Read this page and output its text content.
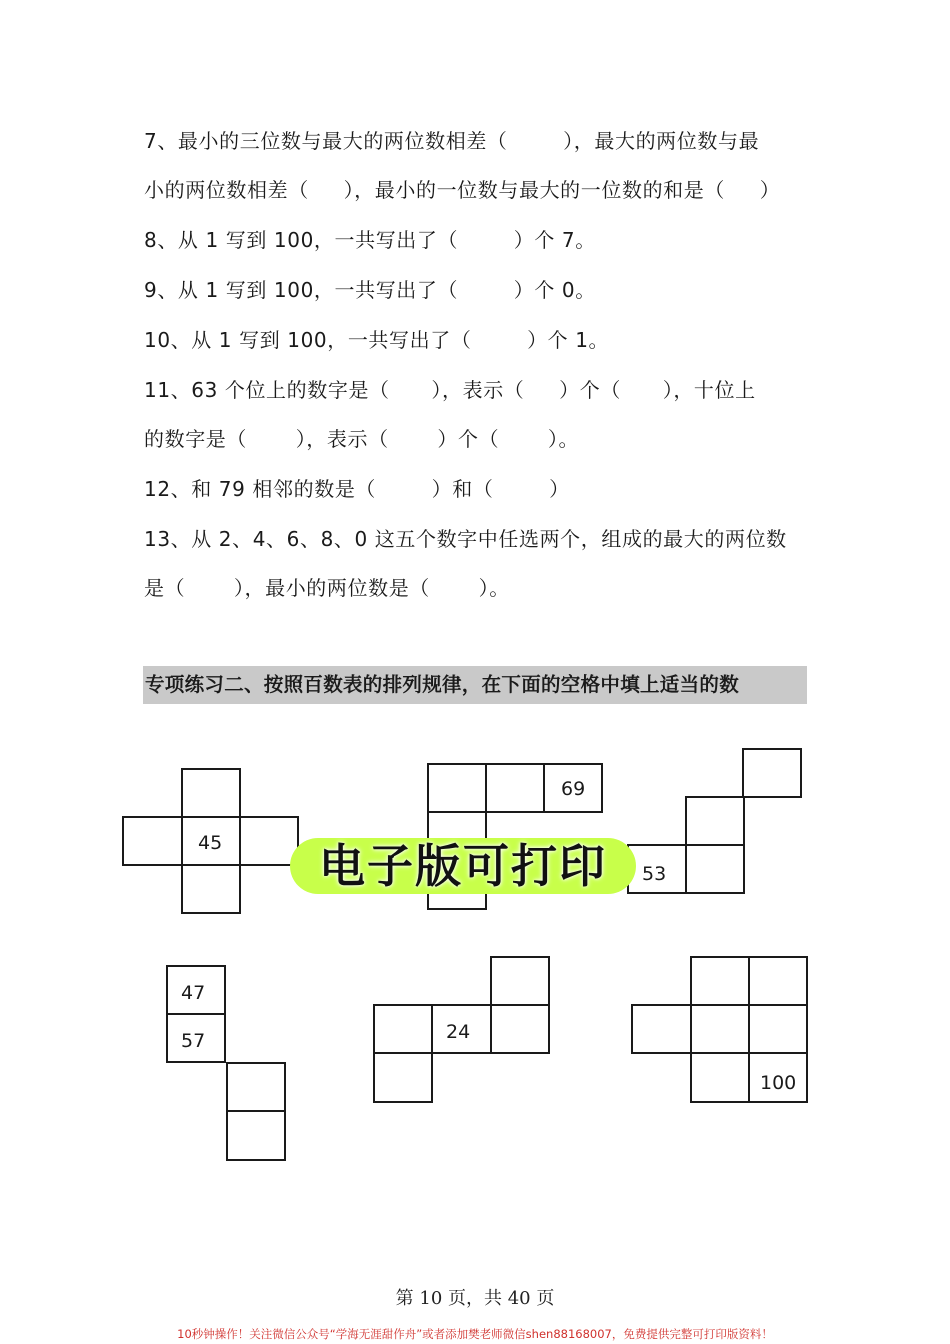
7、最小的三位数与最大的两位数相差（        ），最大的两位数与最
小的两位数相差（     ），最小的一位数与最大的一位数的和是（     ）
8、从 1 写到 100，一共写出了（        ）个 7。
9、从 1 写到 100，一共写出了（        ）个 0。
10、从 1 写到 100，一共写出了（        ）个 1。
11、63 个位上的数字是（      ），表示（     ）个（      ），十位上
的数字是（       ），表示（       ）个（       ）。
12、和 79 相邻的数是（        ）和（        ）
13、从 2、4、6、8、0 这五个数字中任选两个，组成的最大的两位数
是（       ），最小的两位数是（       ）。
专项练习二、按照百数表的排列规律，在下面的空格中填上适当的数
45
69
53
电子版可打印
47
57	24
100
第 10 页，共 40 页
10秒钟操作！关注微信公众号“学海无涯甜作舟”或者添加樊老师微信shen88168007，免费提供完整可打印版资料！
